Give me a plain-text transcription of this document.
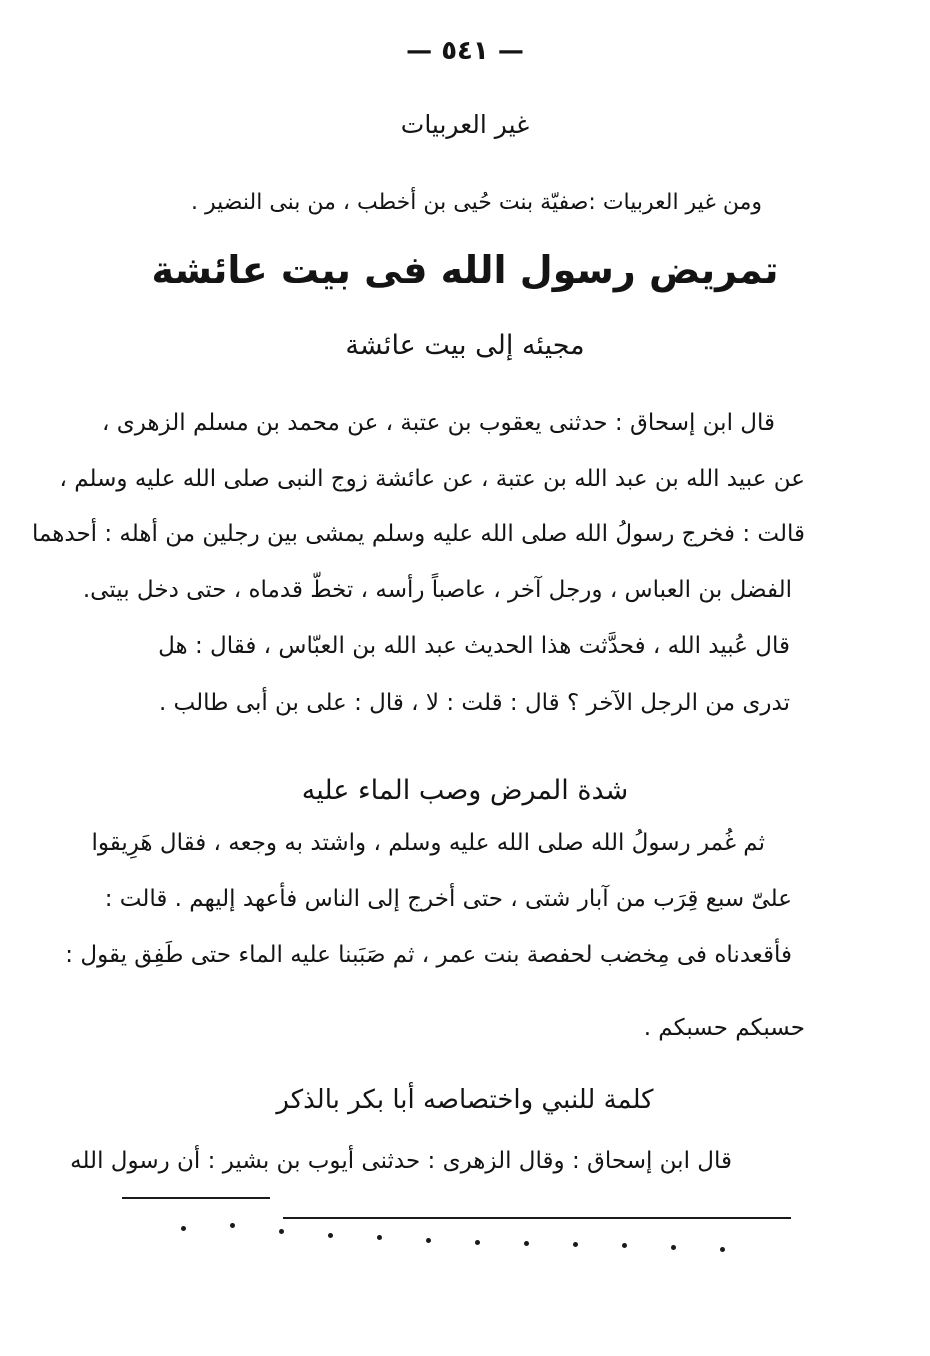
— ٥٤١ —
غير العربيات
ومن غير العربيات :صفيّة بنت حُيى بن أخطب ، من بنى النضير .
تمريض رسول الله فى بيت عائشة
مجيئه إلى بيت عائشة
قال ابن إسحاق : حدثنى يعقوب بن عتبة ، عن محمد بن مسلم الزهرى ،
عن عبيد الله بن عبد الله بن عتبة ، عن عائشة زوج النبى صلى الله عليه وسلم ،
قالت : فخرج رسولُ الله صلى الله عليه وسلم يمشى بين رجلين من أهله : أحدهما
الفضل بن العباس ، ورجل آخر ، عاصباً رأسه ، تخطّ قدماه ، حتى دخل بيتى.
قال عُبيد الله ، فحدَّثت هذا الحديث عبد الله بن العبّاس ، فقال : هل
تدرى من الرجل الآخر ؟ قال : قلت : لا ، قال : على بن أبى طالب .
شدة المرض وصب الماء عليه
ثم غُمر رسولُ الله صلى الله عليه وسلم ، واشتد به وجعه ، فقال هَرِيقوا
علىّ سبع قِرَب من آبار شتى ، حتى أخرج إلى الناس فأعهد إليهم . قالت :
فأقعدناه فى مِخضب لحفصة بنت عمر ، ثم صَبَبنا عليه الماء حتى طَفِق يقول :
حسبكم حسبكم .
كلمة للنبي واختصاصه أبا بكر بالذكر
قال ابن إسحاق : وقال الزهرى : حدثنى أيوب بن بشير : أن رسول الله
